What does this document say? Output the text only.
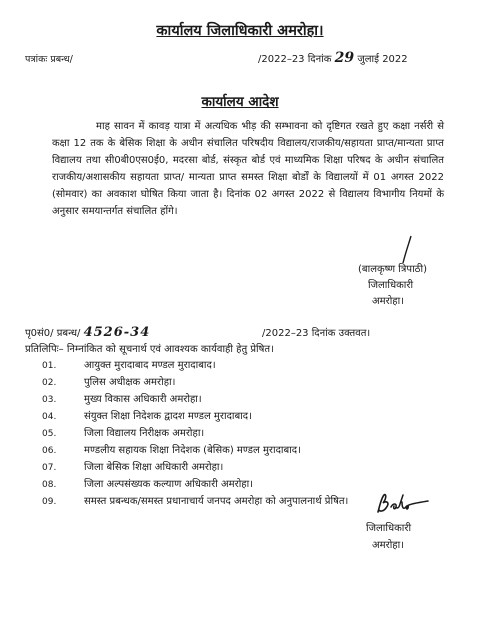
कार्यालय जिलाधिकारी अमरोहा।
पत्रांकः प्रबन्ध/	/2022–23 दिनांक 29 जुलाई 2022
कार्यालय आदेश
माह सावन में कावड़ यात्रा में अत्यधिक भीड़ की सम्भावना को दृष्टिगत रखते हुए कक्षा नर्सरी से कक्षा 12 तक के बेसिक शिक्षा के अधीन संचालित परिषदीय विद्यालय/राजकीय/सहायता प्राप्त/मान्यता प्राप्त विद्यालय तथा सी0बी0एस0ई0, मदरसा बोर्ड, संस्कृत बोर्ड एवं माध्यमिक शिक्षा परिषद के अधीन संचालित राजकीय/अशासकीय सहायता प्राप्त/ मान्यता प्राप्त समस्त शिक्षा बोर्डों के विद्यालयों में 01 अगस्त 2022 (सोमवार) का अवकाश घोषित किया जाता है। दिनांक 02 अगस्त 2022 से विद्यालय विभागीय नियमों के अनुसार समयान्तर्गत संचालित होंगे।
(बालकृष्ण त्रिपाठी)
जिलाधिकारी
अमरोहा।
पृ0सं0/ प्रबन्ध/ 4526-34	/2022–23 दिनांक उक्तवत।
प्रतिलिपिः– निम्नांकित को सूचनार्थ एवं आवश्यक कार्यवाही हेतु प्रेषित।
01.	आयुक्त मुरादाबाद मण्डल मुरादाबाद।
02.	पुलिस अधीक्षक अमरोहा।
03.	मुख्य विकास अधिकारी अमरोहा।
04.	संयुक्त शिक्षा निदेशक द्वादश मण्डल मुरादाबाद।
05.	जिला विद्यालय निरीक्षक अमरोहा।
06.	मण्डलीय सहायक शिक्षा निदेशक (बेसिक) मण्डल मुरादाबाद।
07.	जिला बेसिक शिक्षा अधिकारी अमरोहा।
08.	जिला अल्पसंख्यक कल्याण अधिकारी अमरोहा।
09.	समस्त प्रबन्धक/समस्त प्रधानाचार्य जनपद अमरोहा को अनुपालनार्थ प्रेषित।
जिलाधिकारी
अमरोहा।
